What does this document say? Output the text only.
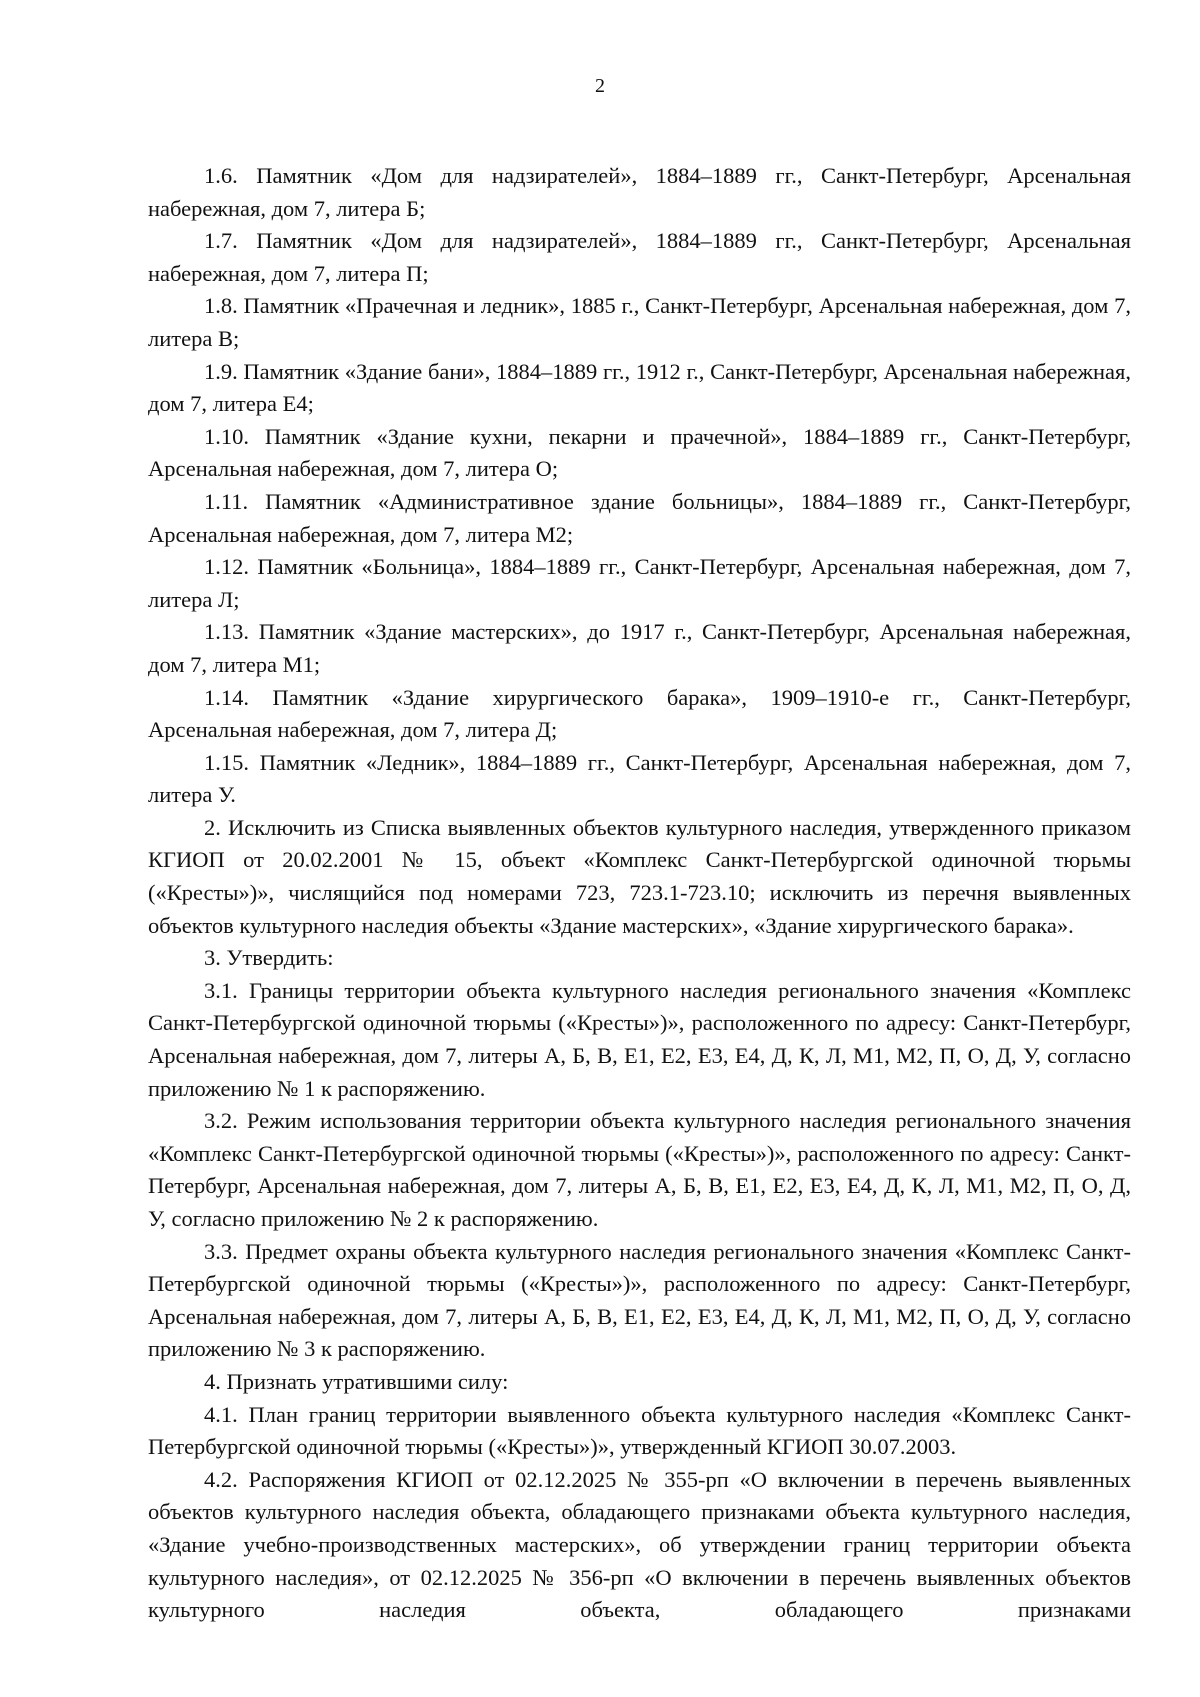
2

1.6. Памятник «Дом для надзирателей», 1884–1889 гг., Санкт-Петербург, Арсенальная набережная, дом 7, литера Б;

1.7. Памятник «Дом для надзирателей», 1884–1889 гг., Санкт-Петербург, Арсенальная набережная, дом 7, литера П;

1.8. Памятник «Прачечная и ледник», 1885 г., Санкт-Петербург, Арсенальная набережная, дом 7, литера В;

1.9. Памятник «Здание бани», 1884–1889 гг., 1912 г., Санкт-Петербург, Арсенальная набережная, дом 7, литера Е4;

1.10. Памятник «Здание кухни, пекарни и прачечной», 1884–1889 гг., Санкт-Петербург, Арсенальная набережная, дом 7, литера О;

1.11. Памятник «Административное здание больницы», 1884–1889 гг., Санкт-Петербург, Арсенальная набережная, дом 7, литера М2;

1.12. Памятник «Больница», 1884–1889 гг., Санкт-Петербург, Арсенальная набережная, дом 7, литера Л;

1.13. Памятник «Здание мастерских», до 1917 г., Санкт-Петербург, Арсенальная набережная, дом 7, литера М1;

1.14. Памятник «Здание хирургического барака», 1909–1910-е гг., Санкт-Петербург, Арсенальная набережная, дом 7, литера Д;

1.15. Памятник «Ледник», 1884–1889 гг., Санкт-Петербург, Арсенальная набережная, дом 7, литера У.

2. Исключить из Списка выявленных объектов культурного наследия, утвержденного приказом КГИОП от 20.02.2001 № 15, объект «Комплекс Санкт-Петербургской одиночной тюрьмы («Кресты»)», числящийся под номерами 723, 723.1-723.10; исключить из перечня выявленных объектов культурного наследия объекты «Здание мастерских», «Здание хирургического барака».

3. Утвердить:

3.1. Границы территории объекта культурного наследия регионального значения «Комплекс Санкт-Петербургской одиночной тюрьмы («Кресты»)», расположенного по адресу: Санкт-Петербург, Арсенальная набережная, дом 7, литеры А, Б, В, Е1, Е2, Е3, Е4, Д, К, Л, М1, М2, П, О, Д, У, согласно приложению № 1 к распоряжению.

3.2. Режим использования территории объекта культурного наследия регионального значения «Комплекс Санкт-Петербургской одиночной тюрьмы («Кресты»)», расположенного по адресу: Санкт-Петербург, Арсенальная набережная, дом 7, литеры А, Б, В, Е1, Е2, Е3, Е4, Д, К, Л, М1, М2, П, О, Д, У, согласно приложению № 2 к распоряжению.

3.3. Предмет охраны объекта культурного наследия регионального значения «Комплекс Санкт-Петербургской одиночной тюрьмы («Кресты»)», расположенного по адресу: Санкт-Петербург, Арсенальная набережная, дом 7, литеры А, Б, В, Е1, Е2, Е3, Е4, Д, К, Л, М1, М2, П, О, Д, У, согласно приложению № 3 к распоряжению.

4. Признать утратившими силу:

4.1. План границ территории выявленного объекта культурного наследия «Комплекс Санкт-Петербургской одиночной тюрьмы («Кресты»)», утвержденный КГИОП 30.07.2003.

4.2. Распоряжения КГИОП от 02.12.2025 № 355-рп «О включении в перечень выявленных объектов культурного наследия объекта, обладающего признаками объекта культурного наследия, «Здание учебно-производственных мастерских», об утверждении границ территории объекта культурного наследия», от 02.12.2025 № 356-рп «О включении в перечень выявленных объектов культурного наследия объекта, обладающего признаками
